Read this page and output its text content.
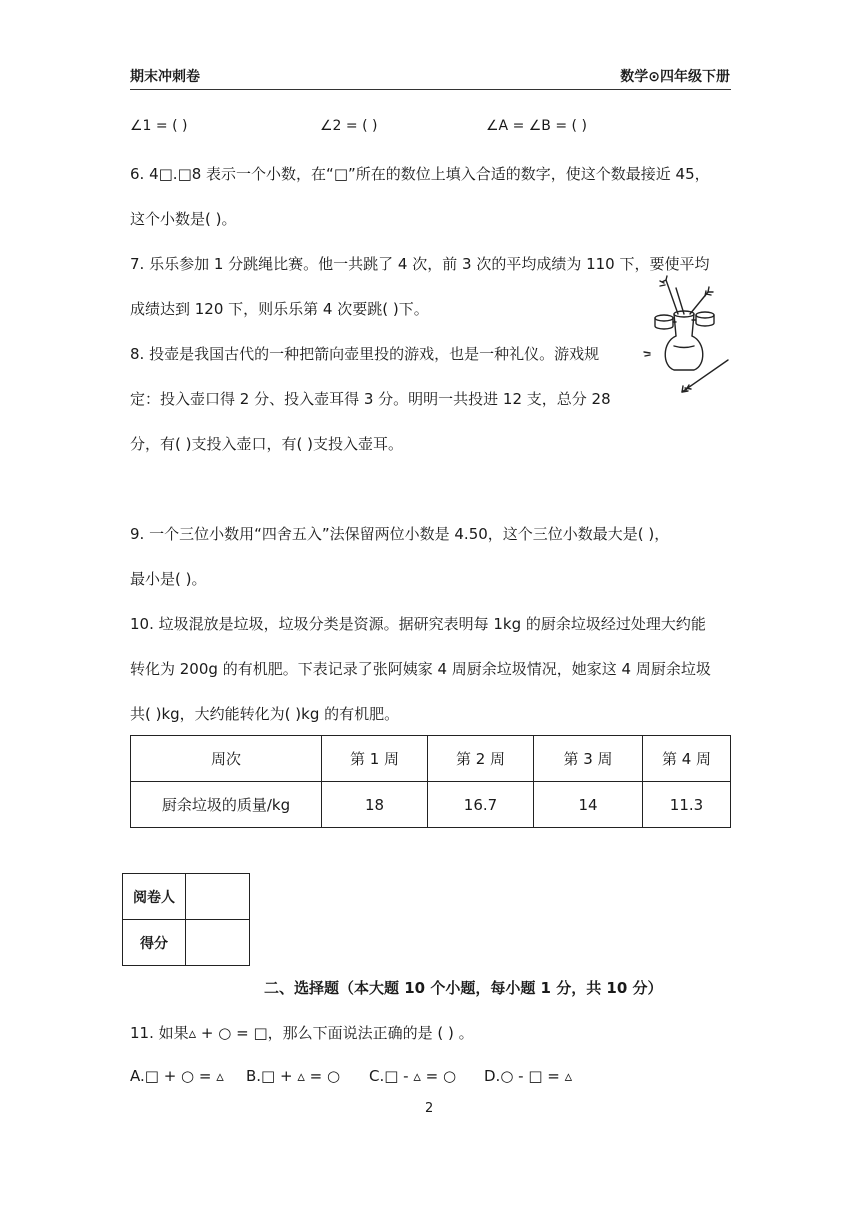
期末冲刺卷	数学⊙四年级下册
∠1 = ( )	∠2 = ( )	∠A = ∠B = ( )
6. 4□.□8 表示一个小数，在“□”所在的数位上填入合适的数字，使这个数最接近 45，
这个小数是( )。
7. 乐乐参加 1 分跳绳比赛。他一共跳了 4 次，前 3 次的平均成绩为 110 下，要使平均
成绩达到 120 下，则乐乐第 4 次要跳( )下。
8. 投壶是我国古代的一种把箭向壶里投的游戏，也是一种礼仪。游戏规
定：投入壶口得 2 分、投入壶耳得 3 分。明明一共投进 12 支，总分 28
分，有( )支投入壶口，有( )支投入壶耳。
9. 一个三位小数用“四舍五入”法保留两位小数是 4.50，这个三位小数最大是( )，
最小是( )。
10. 垃圾混放是垃圾，垃圾分类是资源。据研究表明每 1kg 的厨余垃圾经过处理大约能
转化为 200g 的有机肥。下表记录了张阿姨家 4 周厨余垃圾情况，她家这 4 周厨余垃圾
共( )kg，大约能转化为( )kg 的有机肥。
周次	第 1 周	第 2 周	第 3 周	第 4 周
厨余垃圾的质量/kg	18	16.7	14	11.3
阅卷人	
得分	
二、选择题（本大题 10 个小题，每小题 1 分，共 10 分）
11. 如果▵ + ○ = □，那么下面说法正确的是 ( ) 。
A.□ + ○ = ▵ B.□ + ▵ = ○ C.□ - ▵ = ○ D.○ - □ = ▵
2
